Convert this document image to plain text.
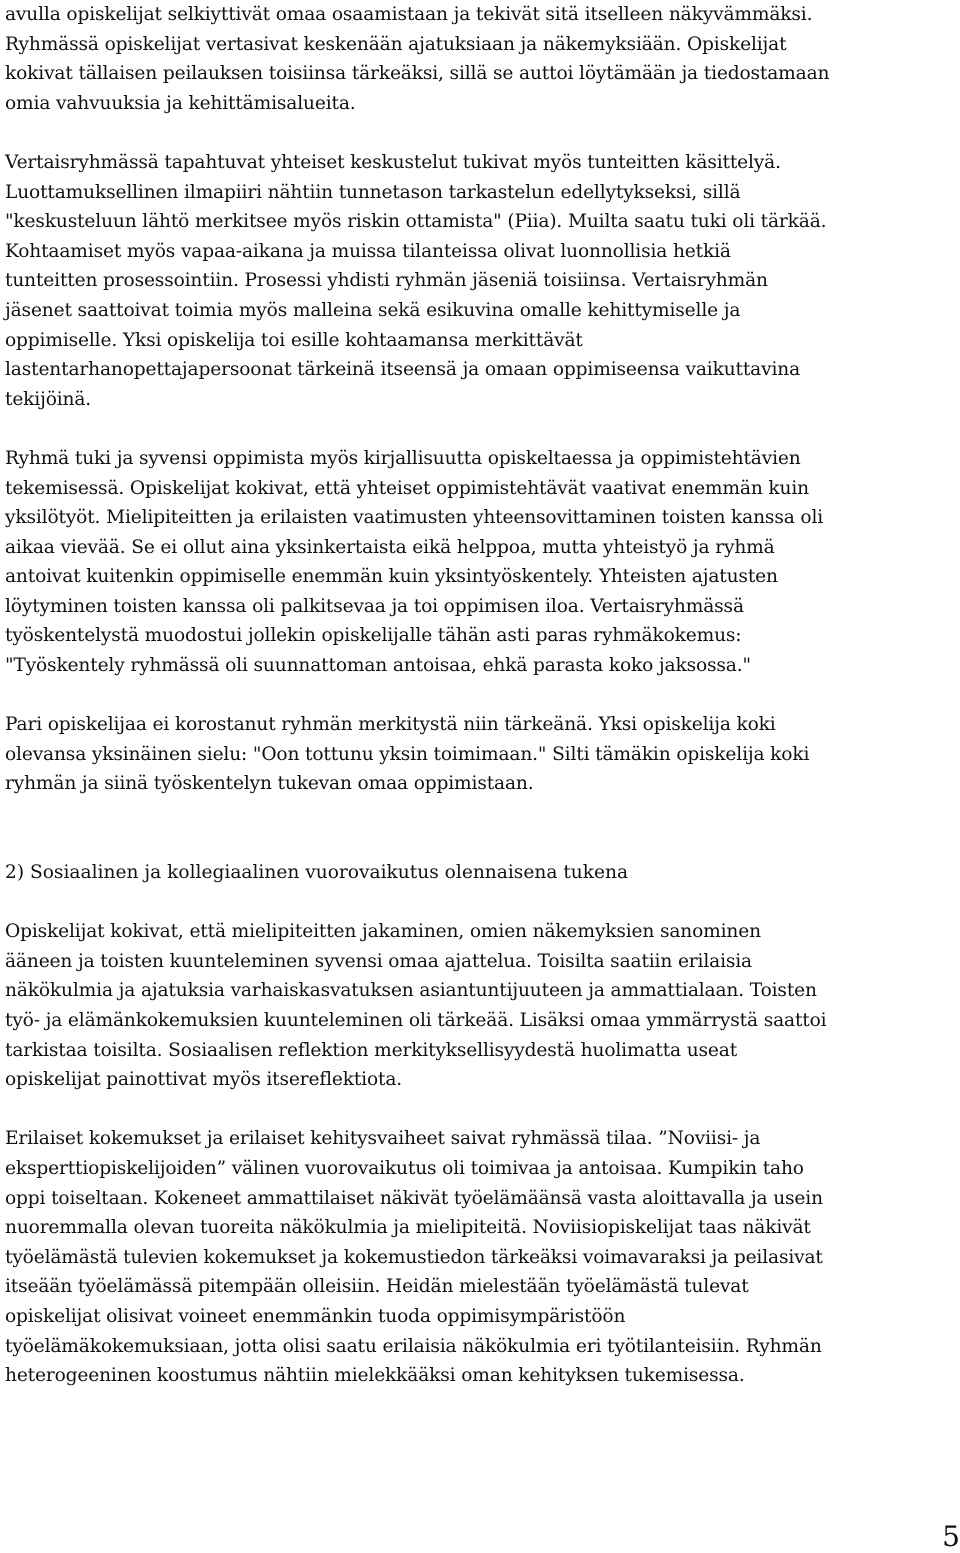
avulla opiskelijat selkiyttivät omaa osaamistaan ja tekivät sitä itselleen näkyvämmäksi.
Ryhmässä opiskelijat vertasivat keskenään ajatuksiaan ja näkemyksiään. Opiskelijat
kokivat tällaisen peilauksen toisiinsa tärkeäksi, sillä se auttoi löytämään ja tiedostamaan
omia vahvuuksia ja kehittämisalueita.
Vertaisryhmässä tapahtuvat yhteiset keskustelut tukivat myös tunteitten käsittelyä.
Luottamuksellinen ilmapiiri nähtiin tunnetason tarkastelun edellytykseksi, sillä
"keskusteluun lähtö merkitsee myös riskin ottamista" (Piia). Muilta saatu tuki oli tärkää.
Kohtaamiset myös vapaa-aikana ja muissa tilanteissa olivat luonnollisia hetkiä
tunteitten prosessointiin. Prosessi yhdisti ryhmän jäseniä toisiinsa. Vertaisryhmän
jäsenet saattoivat toimia myös malleina sekä esikuvina omalle kehittymiselle ja
oppimiselle. Yksi opiskelija toi esille kohtaamansa merkittävät
lastentarhanopettajapersoonat tärkeinä itseensä ja omaan oppimiseensa vaikuttavina
tekijöinä.
Ryhmä tuki ja syvensi oppimista myös kirjallisuutta opiskeltaessa ja oppimistehtävien
tekemisessä. Opiskelijat kokivat, että yhteiset oppimistehtävät vaativat enemmän kuin
yksilötyöt. Mielipiteitten ja erilaisten vaatimusten yhteensovittaminen toisten kanssa oli
aikaa vievää. Se ei ollut aina yksinkertaista eikä helppoa, mutta yhteistyö ja ryhmä
antoivat kuitenkin oppimiselle enemmän kuin yksintyöskentely. Yhteisten ajatusten
löytyminen toisten kanssa oli palkitsevaa ja toi oppimisen iloa. Vertaisryhmässä
työskentelystä muodostui jollekin opiskelijalle tähän asti paras ryhmäkokemus:
"Työskentely ryhmässä oli suunnattoman antoisaa, ehkä parasta koko jaksossa."
Pari opiskelijaa ei korostanut ryhmän merkitystä niin tärkeänä. Yksi opiskelija koki
olevansa yksinäinen sielu: "Oon tottunu yksin toimimaan." Silti tämäkin opiskelija koki
ryhmän ja siinä työskentelyn tukevan omaa oppimistaan.
2) Sosiaalinen ja kollegiaalinen vuorovaikutus olennaisena tukena
Opiskelijat kokivat, että mielipiteitten jakaminen, omien näkemyksien sanominen
ääneen ja toisten kuunteleminen syvensi omaa ajattelua. Toisilta saatiin erilaisia
näkökulmia ja ajatuksia varhaiskasvatuksen asiantuntijuuteen ja ammattialaan. Toisten
työ- ja elämänkokemuksien kuunteleminen oli tärkeää. Lisäksi omaa ymmärrystä saattoi
tarkistaa toisilta. Sosiaalisen reflektion merkityksellisyydestä huolimatta useat
opiskelijat painottivat myös itsereflektiota.
Erilaiset kokemukset ja erilaiset kehitysvaiheet saivat ryhmässä tilaa. ”Noviisi- ja
eksperttiopiskelijoiden” välinen vuorovaikutus oli toimivaa ja antoisaa. Kumpikin taho
oppi toiseltaan. Kokeneet ammattilaiset näkivät työelämäänsä vasta aloittavalla ja usein
nuoremmalla olevan tuoreita näkökulmia ja mielipiteitä. Noviisiopiskelijat taas näkivät
työelämästä tulevien kokemukset ja kokemustiedon tärkeäksi voimavaraksi ja peilasivat
itseään työelämässä pitempään olleisiin. Heidän mielestään työelämästä tulevat
opiskelijat olisivat voineet enemmänkin tuoda oppimisympäristöön
työelämäkokemuksiaan, jotta olisi saatu erilaisia näkökulmia eri työtilanteisiin. Ryhmän
heterogeeninen koostumus nähtiin mielekkääksi oman kehityksen tukemisessa.
5
